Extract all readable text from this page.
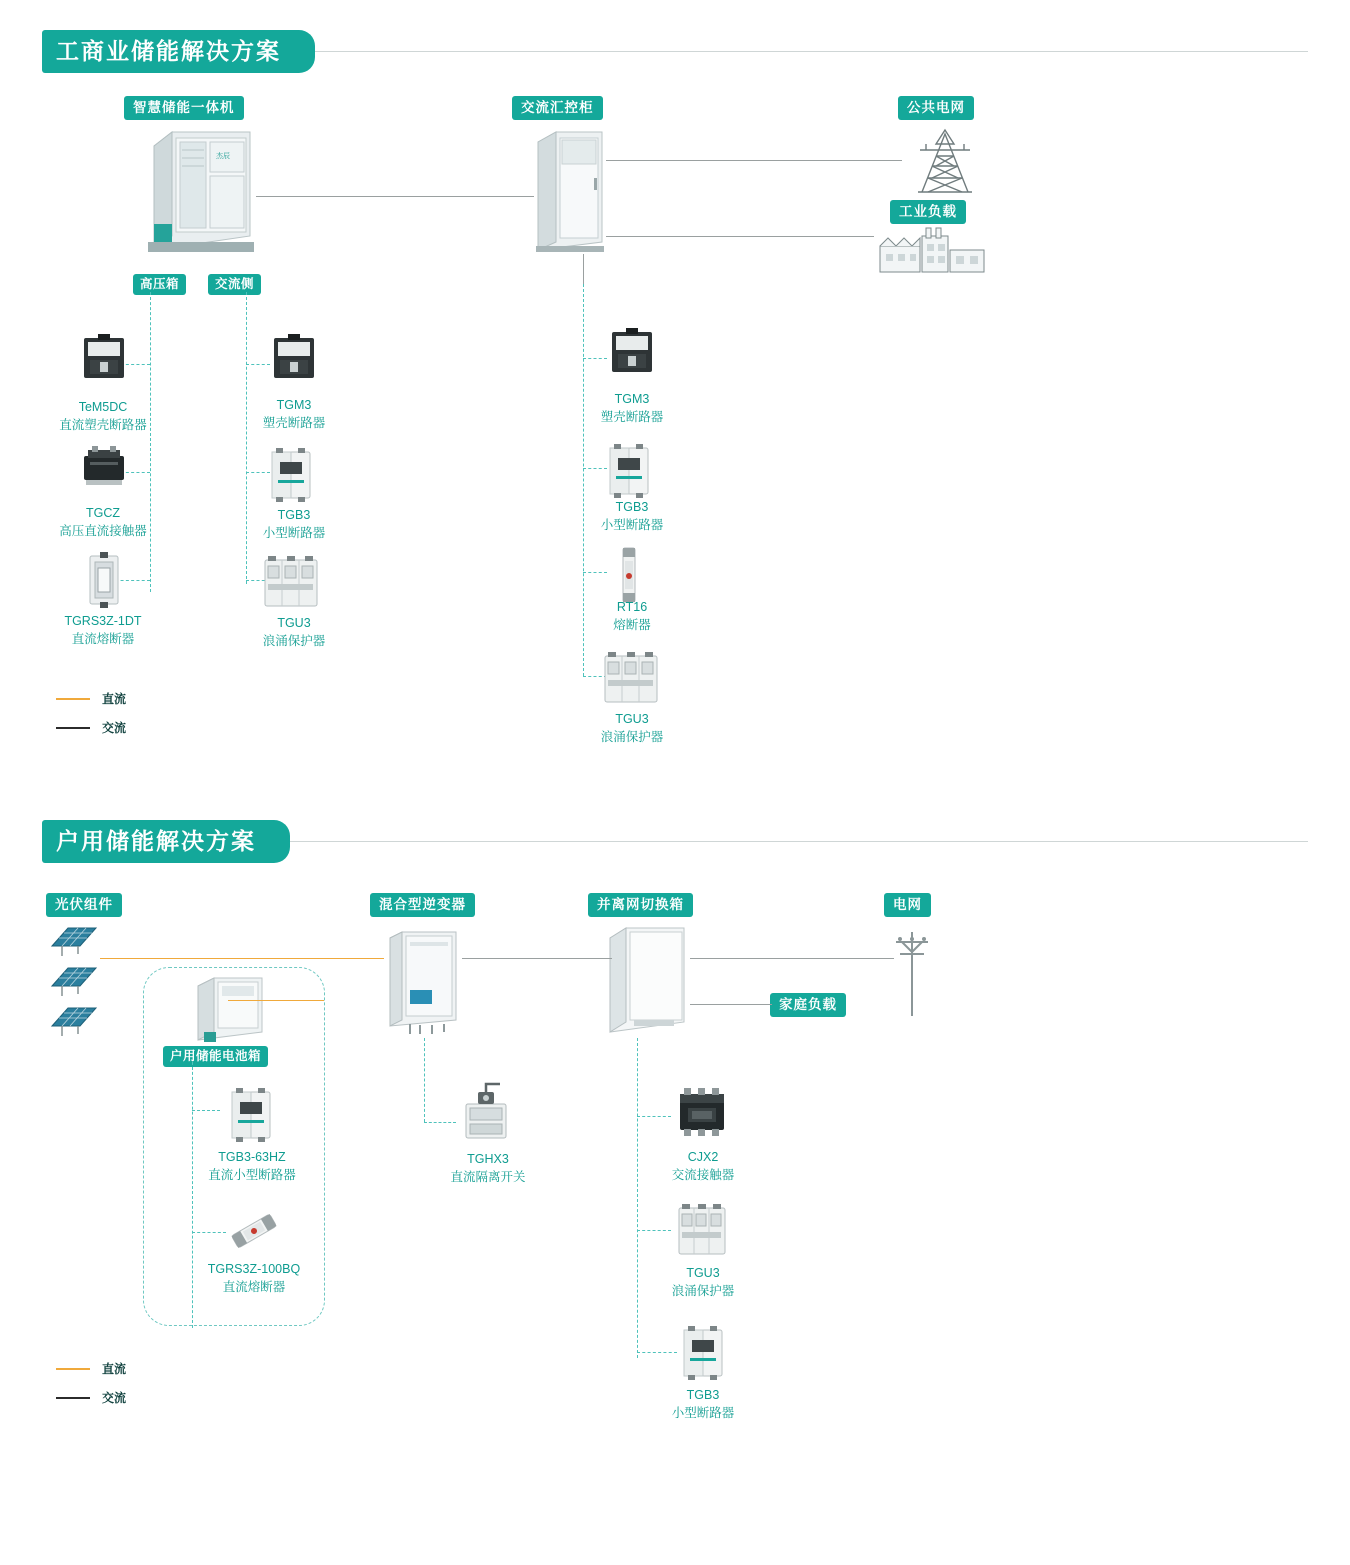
工商业储能解决方案
智慧储能一体机	交流汇控柜	公共电网
工业负载
高压箱	交流侧
杰辰
TeM5DC
直流塑壳断路器
TGCZ
高压直流接触器
TGRS3Z-1DT
直流熔断器
TGM3
塑壳断路器
TGB3
小型断路器
TGU3
浪涌保护器
TGM3
塑壳断路器
TGB3
小型断路器
RT16
熔断器
TGU3
浪涌保护器
直流
交流
户用储能解决方案
光伏组件	混合型逆变器	并离网切换箱	电网
家庭负载
户用储能电池箱
TGB3-63HZ
直流小型断路器
TGRS3Z-100BQ
直流熔断器
TGHX3
直流隔离开关
CJX2
交流接触器
TGU3
浪涌保护器
TGB3
小型断路器
直流
交流
